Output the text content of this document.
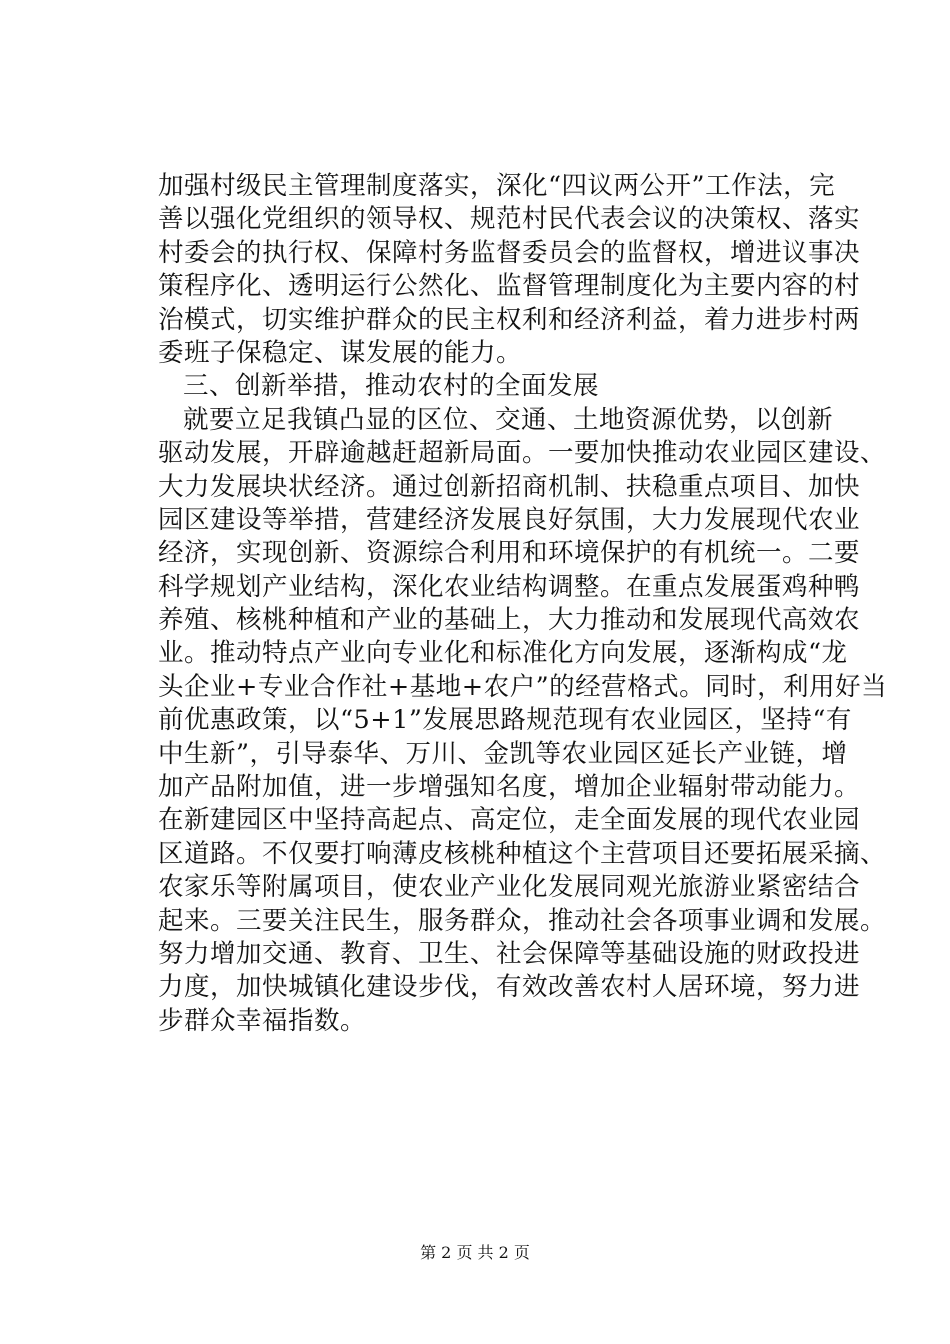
加强村级民主管理制度落实，深化“四议两公开”工作法，完
善以强化党组织的领导权、规范村民代表会议的决策权、落实
村委会的执行权、保障村务监督委员会的监督权，增进议事决
策程序化、透明运行公然化、监督管理制度化为主要内容的村
治模式，切实维护群众的民主权利和经济利益，着力进步村两
委班子保稳定、谋发展的能力。
三、创新举措，推动农村的全面发展
就要立足我镇凸显的区位、交通、土地资源优势，以创新
驱动发展，开辟逾越赶超新局面。一要加快推动农业园区建设、
大力发展块状经济。通过创新招商机制、扶稳重点项目、加快
园区建设等举措，营建经济发展良好氛围，大力发展现代农业
经济，实现创新、资源综合利用和环境保护的有机统一。二要
科学规划产业结构，深化农业结构调整。在重点发展蛋鸡种鸭
养殖、核桃种植和产业的基础上，大力推动和发展现代高效农
业。推动特点产业向专业化和标准化方向发展，逐渐构成“龙
头企业+专业合作社+基地+农户”的经营格式。同时，利用好当
前优惠政策，以“5+1”发展思路规范现有农业园区，坚持“有
中生新”，引导泰华、万川、金凯等农业园区延长产业链，增
加产品附加值，进一步增强知名度，增加企业辐射带动能力。
在新建园区中坚持高起点、高定位，走全面发展的现代农业园
区道路。不仅要打响薄皮核桃种植这个主营项目还要拓展采摘、
农家乐等附属项目，使农业产业化发展同观光旅游业紧密结合
起来。三要关注民生，服务群众，推动社会各项事业调和发展。
努力增加交通、教育、卫生、社会保障等基础设施的财政投进
力度，加快城镇化建设步伐，有效改善农村人居环境，努力进
步群众幸福指数。
第 2 页 共 2 页
